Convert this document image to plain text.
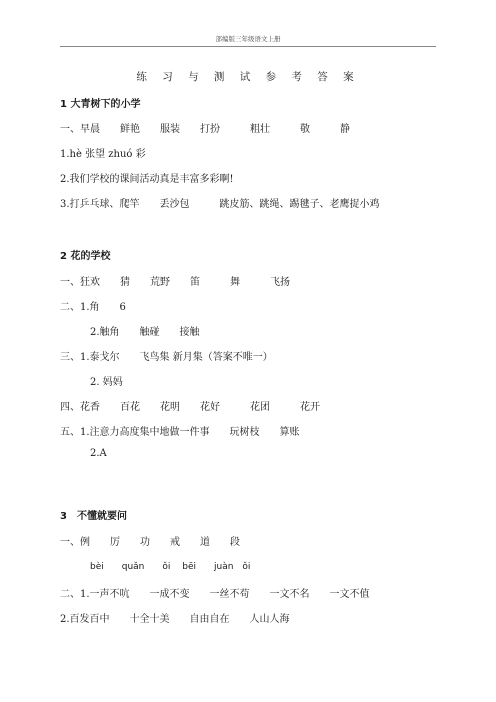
部编版三年级语文上册
练 习 与 测 试 参 考 答 案
1 大青树下的小学
一、早晨　　鲜艳　　服装　　打扮　　　粗壮　　　敬　　　静
1.hè 张望 zhuó 彩
2.我们学校的课间活动真是丰富多彩啊!
3.打乒乓球、爬竿　　丢沙包　　　跳皮筋、跳绳、踢毽子、老鹰捉小鸡
2 花的学校
一、狂欢　　猜　　荒野　　笛　　　舞　　　飞扬
二、1.角　　6
2.触角　　触碰　　接触
三、1.泰戈尔　　飞鸟集 新月集（答案不唯一）
2. 妈妈
四、花香　　百花　　花明　　花好　　　花团　　　花开
五、1.注意力高度集中地做一件事　　玩树枝　　算账
2.A
3　不懂就要问
一、例　　厉　　功　　戒　　道　　段
bèi　　quǎn　　ǒi　 bēi　　juàn　ǒi
二、1.一声不吭　　一成不变　　一丝不苟　　一文不名　　一文不值
2.百发百中　　十全十美　　自由自在　　人山人海
